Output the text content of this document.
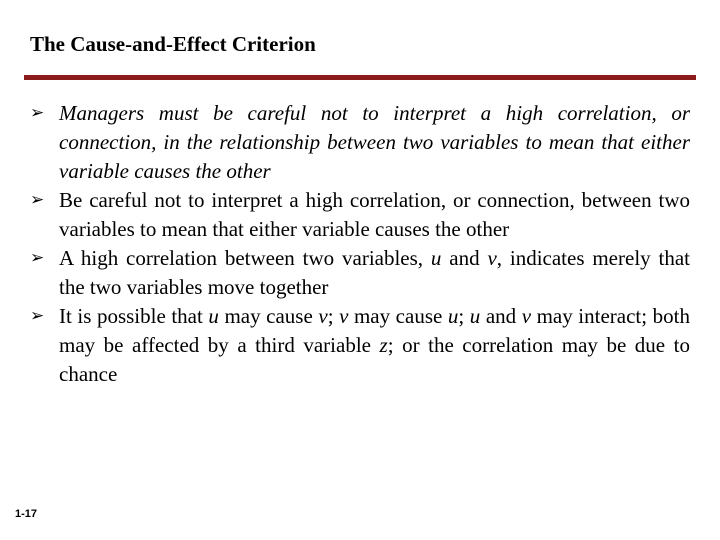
The Cause-and-Effect Criterion
➢ Managers must be careful not to interpret a high correlation, or connection, in the relationship between two variables to mean that either variable causes the other
➢ Be careful not to interpret a high correlation, or connection, between two variables to mean that either variable causes the other
➢ A high correlation between two variables, u and v, indicates merely that the two variables move together
➢ It is possible that u may cause v; v may cause u; u and v may interact; both may be affected by a third variable z; or the correlation may be due to chance
1-17
